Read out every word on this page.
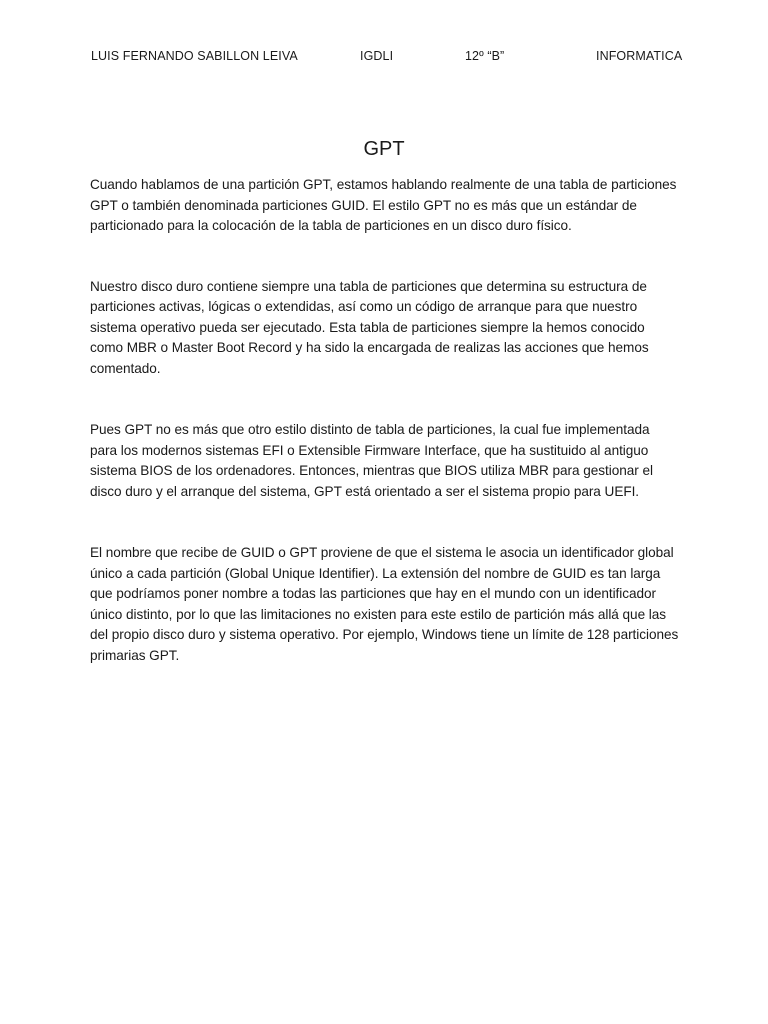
LUIS FERNANDO SABILLON LEIVA	IGDLI	12º “B”	INFORMATICA
GPT

Cuando hablamos de una partición GPT, estamos hablando realmente de una tabla de particiones GPT o también denominada particiones GUID. El estilo GPT no es más que un estándar de particionado para la colocación de la tabla de particiones en un disco duro físico.

Nuestro disco duro contiene siempre una tabla de particiones que determina su estructura de particiones activas, lógicas o extendidas, así como un código de arranque para que nuestro sistema operativo pueda ser ejecutado. Esta tabla de particiones siempre la hemos conocido como MBR o Master Boot Record y ha sido la encargada de realizas las acciones que hemos comentado.

Pues GPT no es más que otro estilo distinto de tabla de particiones, la cual fue implementada para los modernos sistemas EFI o Extensible Firmware Interface, que ha sustituido al antiguo sistema BIOS de los ordenadores. Entonces, mientras que BIOS utiliza MBR para gestionar el disco duro y el arranque del sistema, GPT está orientado a ser el sistema propio para UEFI.

El nombre que recibe de GUID o GPT proviene de que el sistema le asocia un identificador global único a cada partición (Global Unique Identifier). La extensión del nombre de GUID es tan larga que podríamos poner nombre a todas las particiones que hay en el mundo con un identificador único distinto, por lo que las limitaciones no existen para este estilo de partición más allá que las del propio disco duro y sistema operativo. Por ejemplo, Windows tiene un límite de 128 particiones primarias GPT.
